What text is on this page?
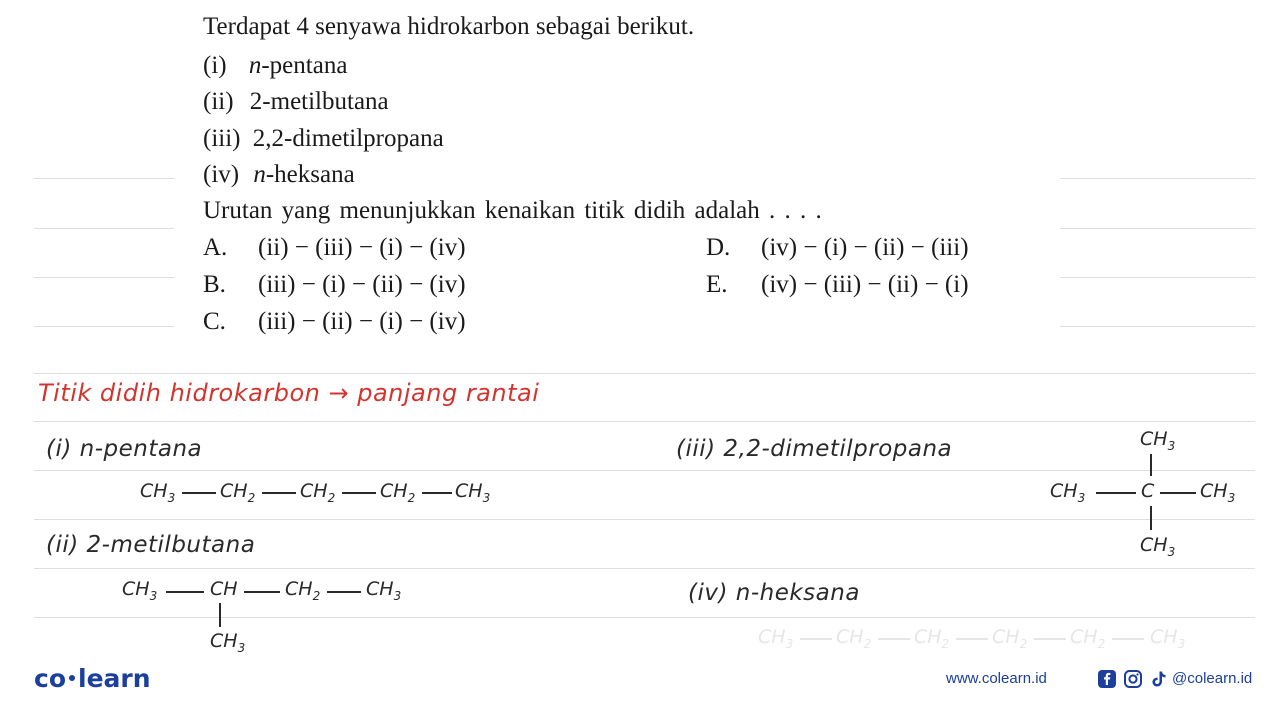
Terdapat 4 senyawa hidrokarbon sebagai berikut.
(i) n-pentana
(ii) 2-metilbutana
(iii) 2,2-dimetilpropana
(iv) n-heksana
Urutan yang menunjukkan kenaikan titik didih adalah . . . .
A. (ii) − (iii) − (i) − (iv)
B. (iii) − (i) − (ii) − (iv)
C. (iii) − (ii) − (i) − (iv)
D. (iv) − (i) − (ii) − (iii)
E. (iv) − (iii) − (ii) − (i)
Titik didih hidrokarbon → panjang rantai
(i) n-pentana
(ii) 2-metilbutana
(iii) 2,2-dimetilpropana
(iv) n-heksana
$CH_3$ $CH_2$ $CH_2$ $CH_2$ $CH_3$
$CH_3$	CH $CH_2$ $CH_3$
$CH_3$
$CH_3$
$CH_3$	C $CH_3$
$CH_3$
$CH_3$ $CH_2$ $CH_2$ $CH_2$ $CH_2$ $CH_3$
co learn	www.colearn.id	@colearn.id
